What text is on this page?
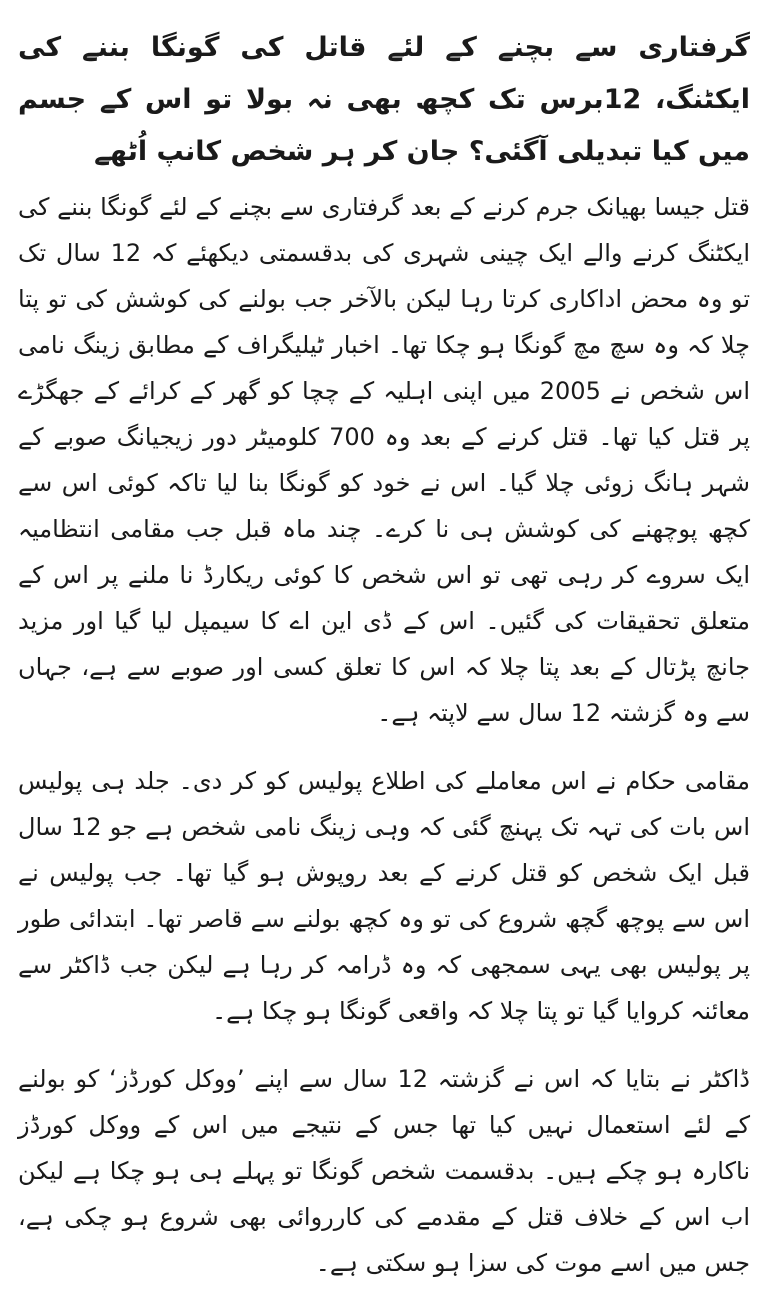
گرفتاری سے بچنے کے لئے قاتل کی گونگا بننے کی ایکٹنگ، 12برس تک کچھ بھی نہ بولا تو اس کے جسم میں کیا تبدیلی آگئی؟ جان کر ہر شخص کانپ اُٹھے

قتل جیسا بھیانک جرم کرنے کے بعد گرفتاری سے بچنے کے لئے گونگا بننے کی ایکٹنگ کرنے والے ایک چینی شہری کی بدقسمتی دیکھئے کہ 12 سال تک تو وہ محض اداکاری کرتا رہا لیکن بالآخر جب بولنے کی کوشش کی تو پتا چلا کہ وہ سچ مچ گونگا ہو چکا تھا۔ اخبار ٹیلیگراف کے مطابق زینگ نامی اس شخص نے 2005 میں اپنی اہلیہ کے چچا کو گھر کے کرائے کے جھگڑے پر قتل کیا تھا۔ قتل کرنے کے بعد وہ 700 کلومیٹر دور زیجیانگ صوبے کے شہر ہانگ زوئی چلا گیا۔ اس نے خود کو گونگا بنا لیا تاکہ کوئی اس سے کچھ پوچھنے کی کوشش ہی نا کرے۔ چند ماہ قبل جب مقامی انتظامیہ ایک سروے کر رہی تھی تو اس شخص کا کوئی ریکارڈ نا ملنے پر اس کے متعلق تحقیقات کی گئیں۔ اس کے ڈی این اے کا سیمپل لیا گیا اور مزید جانچ پڑتال کے بعد پتا چلا کہ اس کا تعلق کسی اور صوبے سے ہے، جہاں سے وہ گزشتہ 12 سال سے لاپتہ ہے۔

مقامی حکام نے اس معاملے کی اطلاع پولیس کو کر دی۔ جلد ہی پولیس اس بات کی تہہ تک پہنچ گئی کہ وہی زینگ نامی شخص ہے جو 12 سال قبل ایک شخص کو قتل کرنے کے بعد روپوش ہو گیا تھا۔ جب پولیس نے اس سے پوچھ گچھ شروع کی تو وہ کچھ بولنے سے قاصر تھا۔ ابتدائی طور پر پولیس بھی یہی سمجھی کہ وہ ڈرامہ کر رہا ہے لیکن جب ڈاکٹر سے معائنہ کروایا گیا تو پتا چلا کہ واقعی گونگا ہو چکا ہے۔

ڈاکٹر نے بتایا کہ اس نے گزشتہ 12 سال سے اپنے ’ووکل کورڈز‘ کو بولنے کے لئے استعمال نہیں کیا تھا جس کے نتیجے میں اس کے ووکل کورڈز ناکارہ ہو چکے ہیں۔ بدقسمت شخص گونگا تو پہلے ہی ہو چکا ہے لیکن اب اس کے خلاف قتل کے مقدمے کی کارروائی بھی شروع ہو چکی ہے، جس میں اسے موت کی سزا ہو سکتی ہے۔
